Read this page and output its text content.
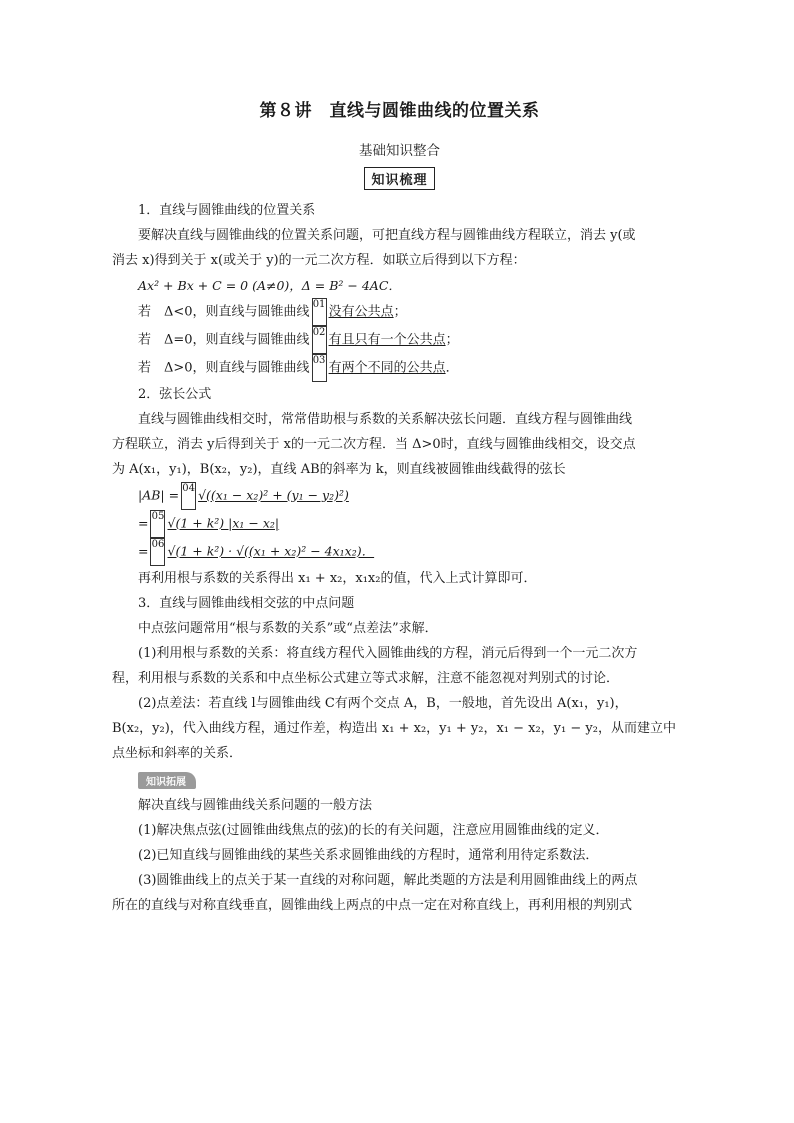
第８讲　直线与圆锥曲线的位置关系
基础知识整合
知识梳理

1．直线与圆锥曲线的位置关系

要解决直线与圆锥曲线的位置关系问题，可把直线方程与圆锥曲线方程联立，消去 y(或

消去 x)得到关于 x(或关于 y)的一元二次方程．如联立后得到以下方程：

Ax² + Bx + C = 0 (A≠0)，Δ = B² − 4AC．

若　Δ<0，则直线与圆锥曲线 01 没有公共点；

若　Δ=0，则直线与圆锥曲线 02 有且只有一个公共点；

若　Δ>0，则直线与圆锥曲线 03 有两个不同的公共点．

2．弦长公式

直线与圆锥曲线相交时，常常借助根与系数的关系解决弦长问题．直线方程与圆锥曲线

方程联立，消去 y后得到关于 x的一元二次方程．当 Δ>0时，直线与圆锥曲线相交，设交点

为 A(x₁，y₁)，B(x₂，y₂)，直线 AB的斜率为 k，则直线被圆锥曲线截得的弦长

|AB| = 04 √((x₁ − x₂)² + (y₁ − y₂)²)

= 05 √(1 + k²) |x₁ − x₂|

= 06 √(1 + k²) · √((x₁ + x₂)² − 4x₁x₂)．

再利用根与系数的关系得出 x₁ + x₂，x₁x₂的值，代入上式计算即可．

3．直线与圆锥曲线相交弦的中点问题

中点弦问题常用“根与系数的关系”或“点差法”求解．

(1)利用根与系数的关系：将直线方程代入圆锥曲线的方程，消元后得到一个一元二次方

程，利用根与系数的关系和中点坐标公式建立等式求解，注意不能忽视对判别式的讨论．

(2)点差法：若直线 l与圆锥曲线 C有两个交点 A，B，一般地，首先设出 A(x₁，y₁)，

B(x₂，y₂)，代入曲线方程，通过作差，构造出 x₁ + x₂，y₁ + y₂，x₁ − x₂，y₁ − y₂，从而建立中

点坐标和斜率的关系．

知识拓展

解决直线与圆锥曲线关系问题的一般方法

(1)解决焦点弦(过圆锥曲线焦点的弦)的长的有关问题，注意应用圆锥曲线的定义．

(2)已知直线与圆锥曲线的某些关系求圆锥曲线的方程时，通常利用待定系数法．

(3)圆锥曲线上的点关于某一直线的对称问题，解此类题的方法是利用圆锥曲线上的两点

所在的直线与对称直线垂直，圆锥曲线上两点的中点一定在对称直线上，再利用根的判别式
